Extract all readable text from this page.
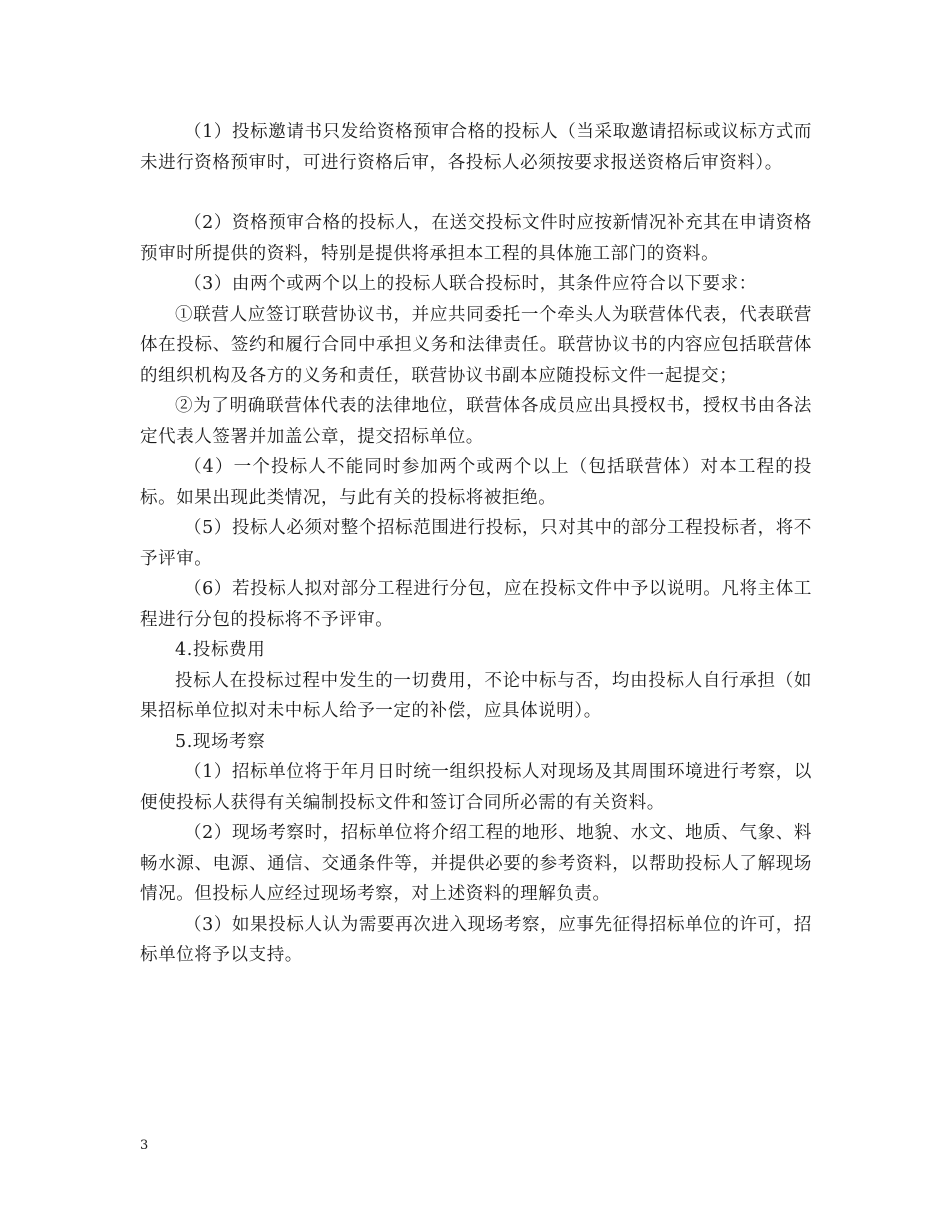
（1）投标邀请书只发给资格预审合格的投标人（当采取邀请招标或议标方式而未进行资格预审时，可进行资格后审，各投标人必须按要求报送资格后审资料）。

（2）资格预审合格的投标人，在送交投标文件时应按新情况补充其在申请资格预审时所提供的资料，特别是提供将承担本工程的具体施工部门的资料。

（3）由两个或两个以上的投标人联合投标时，其条件应符合以下要求：

①联营人应签订联营协议书，并应共同委托一个牵头人为联营体代表，代表联营体在投标、签约和履行合同中承担义务和法律责任。联营协议书的内容应包括联营体的组织机构及各方的义务和责任，联营协议书副本应随投标文件一起提交；

②为了明确联营体代表的法律地位，联营体各成员应出具授权书，授权书由各法定代表人签署并加盖公章，提交招标单位。

（4）一个投标人不能同时参加两个或两个以上（包括联营体）对本工程的投标。如果出现此类情况，与此有关的投标将被拒绝。

（5）投标人必须对整个招标范围进行投标，只对其中的部分工程投标者，将不予评审。

（6）若投标人拟对部分工程进行分包，应在投标文件中予以说明。凡将主体工程进行分包的投标将不予评审。

4.投标费用

投标人在投标过程中发生的一切费用，不论中标与否，均由投标人自行承担（如果招标单位拟对未中标人给予一定的补偿，应具体说明）。

5.现场考察

（1）招标单位将于年月日时统一组织投标人对现场及其周围环境进行考察，以便使投标人获得有关编制投标文件和签订合同所必需的有关资料。

（2）现场考察时，招标单位将介绍工程的地形、地貌、水文、地质、气象、料畅水源、电源、通信、交通条件等，并提供必要的参考资料，以帮助投标人了解现场情况。但投标人应经过现场考察，对上述资料的理解负责。

（3）如果投标人认为需要再次进入现场考察，应事先征得招标单位的许可，招标单位将予以支持。

3
